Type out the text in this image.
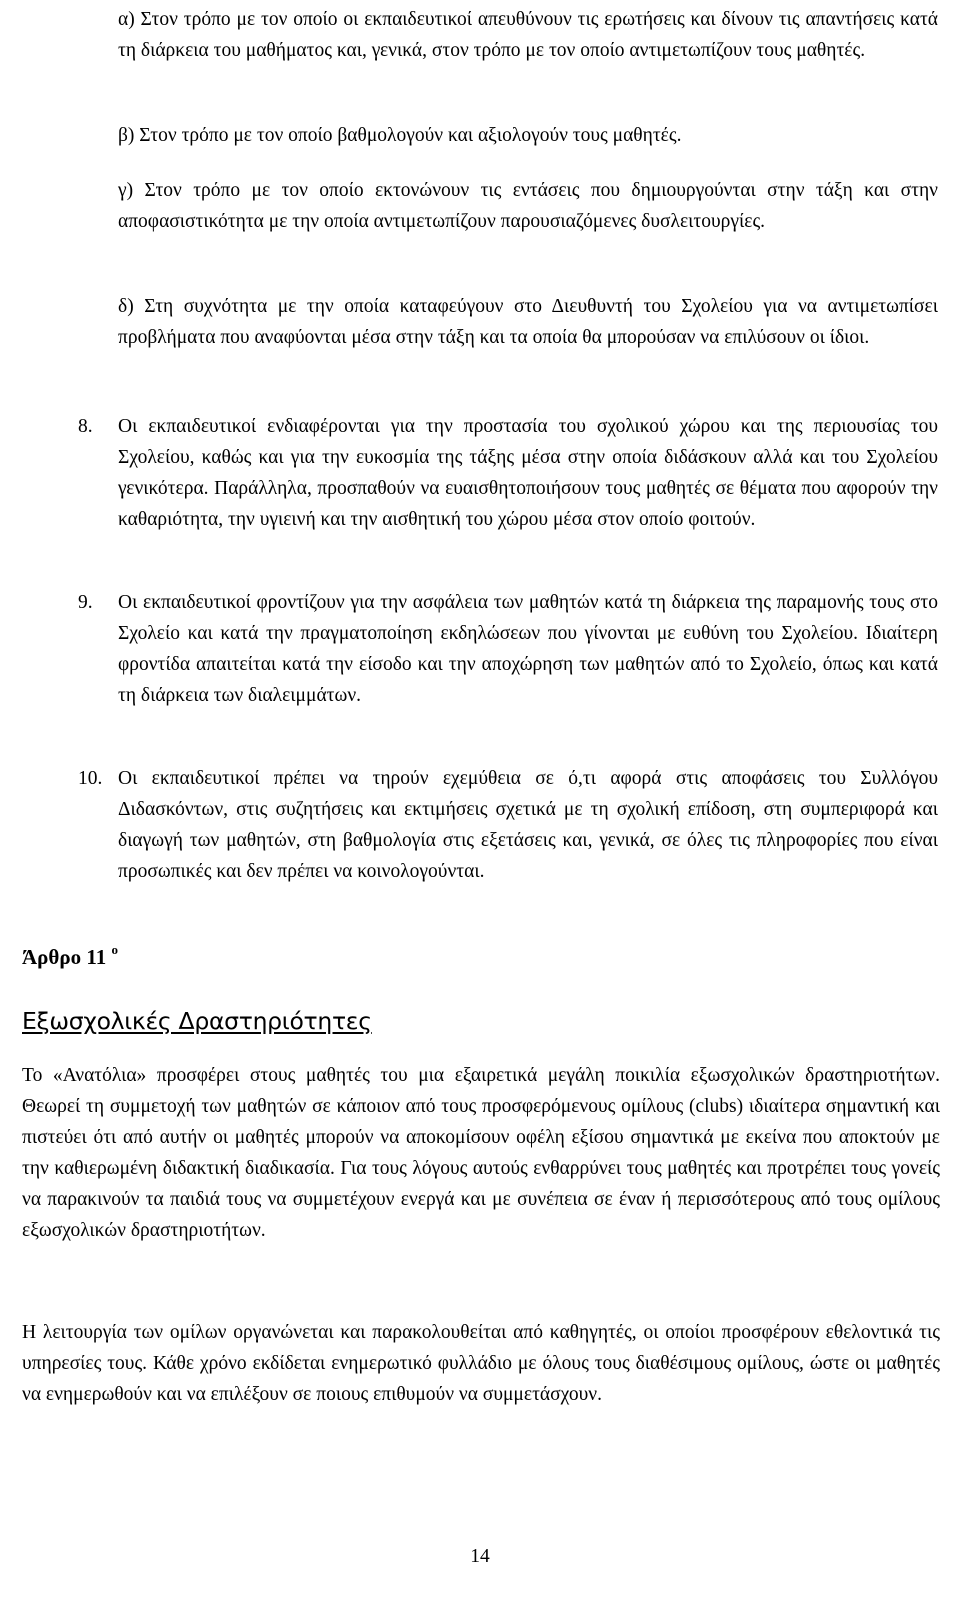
α) Στον τρόπο με τον οποίο οι εκπαιδευτικοί απευθύνουν τις ερωτήσεις και δίνουν τις απαντήσεις κατά τη διάρκεια του μαθήματος και, γενικά, στον τρόπο με τον οποίο αντιμετωπίζουν τους μαθητές.

β) Στον τρόπο με τον οποίο βαθμολογούν και αξιολογούν τους μαθητές.

γ) Στον τρόπο με τον οποίο εκτονώνουν τις εντάσεις που δημιουργούνται στην τάξη και στην αποφασιστικότητα με την οποία αντιμετωπίζουν παρουσιαζόμενες δυσλειτουργίες.

δ) Στη συχνότητα με την οποία καταφεύγουν στο Διευθυντή του Σχολείου για να αντιμετωπίσει προβλήματα που αναφύονται μέσα στην τάξη και τα οποία θα μπορούσαν να επιλύσουν οι ίδιοι.

8.	Οι εκπαιδευτικοί ενδιαφέρονται για την προστασία του σχολικού χώρου και της περιουσίας του Σχολείου, καθώς και για την ευκοσμία της τάξης μέσα στην οποία διδάσκουν αλλά και του Σχολείου γενικότερα. Παράλληλα, προσπαθούν να ευαισθητοποιήσουν τους μαθητές σε θέματα που αφορούν την καθαριότητα, την υγιεινή και την αισθητική του χώρου μέσα στον οποίο φοιτούν.

9.	Οι εκπαιδευτικοί φροντίζουν για την ασφάλεια των μαθητών κατά τη διάρκεια της παραμονής τους στο Σχολείο και κατά την πραγματοποίηση εκδηλώσεων που γίνονται με ευθύνη του Σχολείου. Ιδιαίτερη φροντίδα απαιτείται κατά την είσοδο και την αποχώρηση των μαθητών από το Σχολείο, όπως και κατά τη διάρκεια των διαλειμμάτων.

10. Οι εκπαιδευτικοί πρέπει να τηρούν εχεμύθεια σε ό,τι αφορά στις αποφάσεις του Συλλόγου Διδασκόντων, στις συζητήσεις και εκτιμήσεις σχετικά με τη σχολική επίδοση, στη συμπεριφορά και διαγωγή των μαθητών, στη βαθμολογία στις εξετάσεις και, γενικά, σε όλες τις πληροφορίες που είναι προσωπικές και δεν πρέπει να κοινολογούνται.

Άρθρο 11 $^o$
Εξωσχολικές Δραστηριότητες

Το «Ανατόλια» προσφέρει στους μαθητές του μια εξαιρετικά μεγάλη ποικιλία εξωσχολικών δραστηριοτήτων. Θεωρεί τη συμμετοχή των μαθητών σε κάποιον από τους προσφερόμενους ομίλους (clubs) ιδιαίτερα σημαντική και πιστεύει ότι από αυτήν οι μαθητές μπορούν να αποκομίσουν οφέλη εξίσου σημαντικά με εκείνα που αποκτούν με την καθιερωμένη διδακτική διαδικασία. Για τους λόγους αυτούς ενθαρρύνει τους μαθητές και προτρέπει τους γονείς να παρακινούν τα παιδιά τους να συμμετέχουν ενεργά και με συνέπεια σε έναν ή περισσότερους από τους ομίλους εξωσχολικών δραστηριοτήτων.

Η λειτουργία των ομίλων οργανώνεται και παρακολουθείται από καθηγητές, οι οποίοι προσφέρουν εθελοντικά τις υπηρεσίες τους. Κάθε χρόνο εκδίδεται ενημερωτικό φυλλάδιο με όλους τους διαθέσιμους ομίλους, ώστε οι μαθητές να ενημερωθούν και να επιλέξουν σε ποιους επιθυμούν να συμμετάσχουν.

14
